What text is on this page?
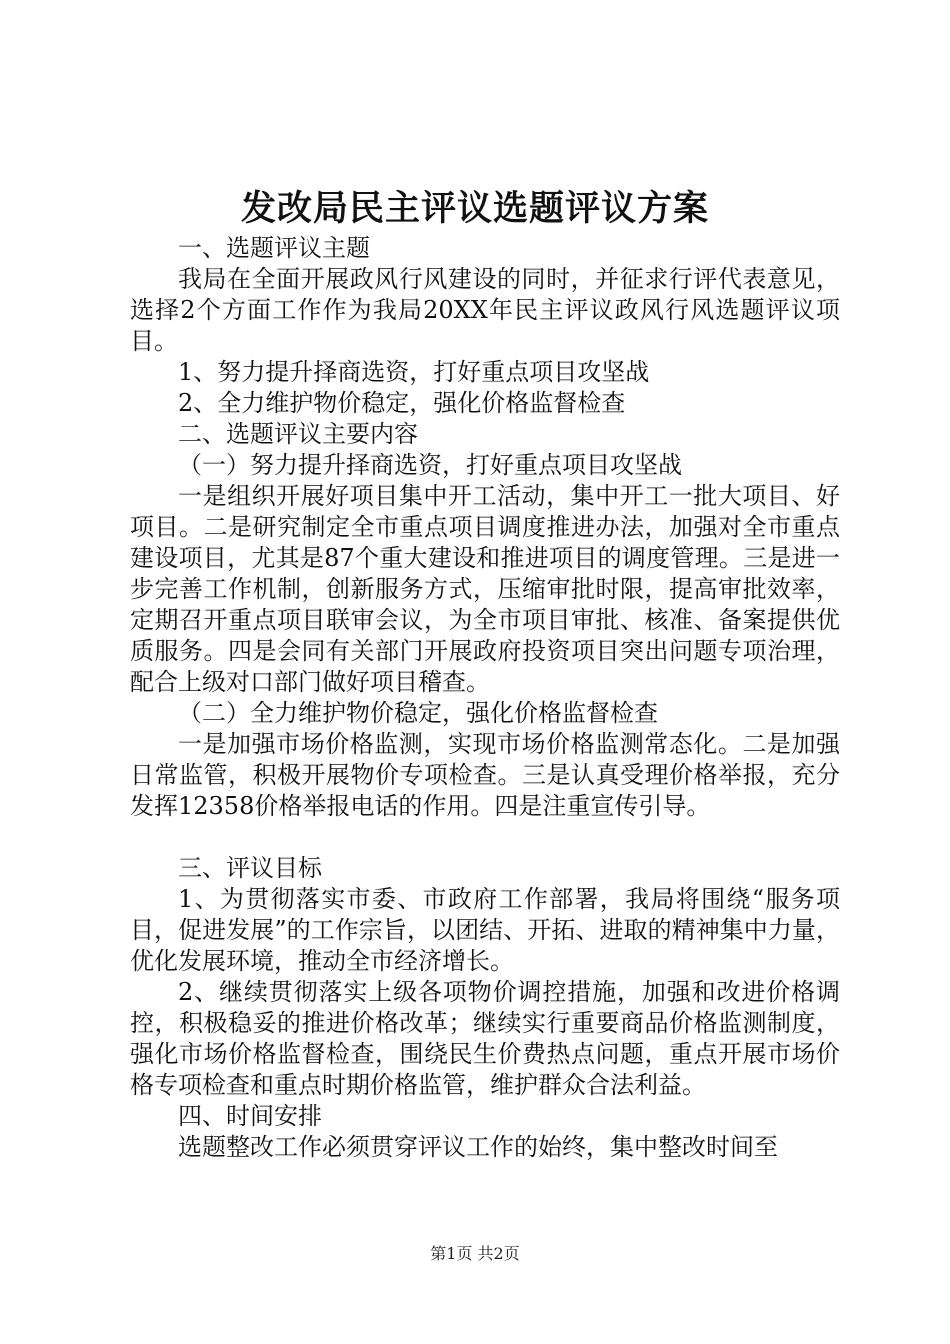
发改局民主评议选题评议方案

一、选题评议主题

我局在全面开展政风行风建设的同时，并征求行评代表意见，选择2个方面工作作为我局20XX年民主评议政风行风选题评议项目。

1、努力提升择商选资，打好重点项目攻坚战

2、全力维护物价稳定，强化价格监督检查

二、选题评议主要内容

（一）努力提升择商选资，打好重点项目攻坚战

一是组织开展好项目集中开工活动，集中开工一批大项目、好项目。二是研究制定全市重点项目调度推进办法，加强对全市重点建设项目，尤其是87个重大建设和推进项目的调度管理。三是进一步完善工作机制，创新服务方式，压缩审批时限，提高审批效率，定期召开重点项目联审会议，为全市项目审批、核准、备案提供优质服务。四是会同有关部门开展政府投资项目突出问题专项治理，配合上级对口部门做好项目稽查。

（二）全力维护物价稳定，强化价格监督检查

一是加强市场价格监测，实现市场价格监测常态化。二是加强日常监管，积极开展物价专项检查。三是认真受理价格举报，充分发挥12358价格举报电话的作用。四是注重宣传引导。

三、评议目标

1、为贯彻落实市委、市政府工作部署，我局将围绕“服务项目，促进发展”的工作宗旨，以团结、开拓、进取的精神集中力量，优化发展环境，推动全市经济增长。

2、继续贯彻落实上级各项物价调控措施，加强和改进价格调控，积极稳妥的推进价格改革；继续实行重要商品价格监测制度，强化市场价格监督检查，围绕民生价费热点问题，重点开展市场价格专项检查和重点时期价格监管，维护群众合法利益。

四、时间安排

选题整改工作必须贯穿评议工作的始终，集中整改时间至

第1页 共2页
